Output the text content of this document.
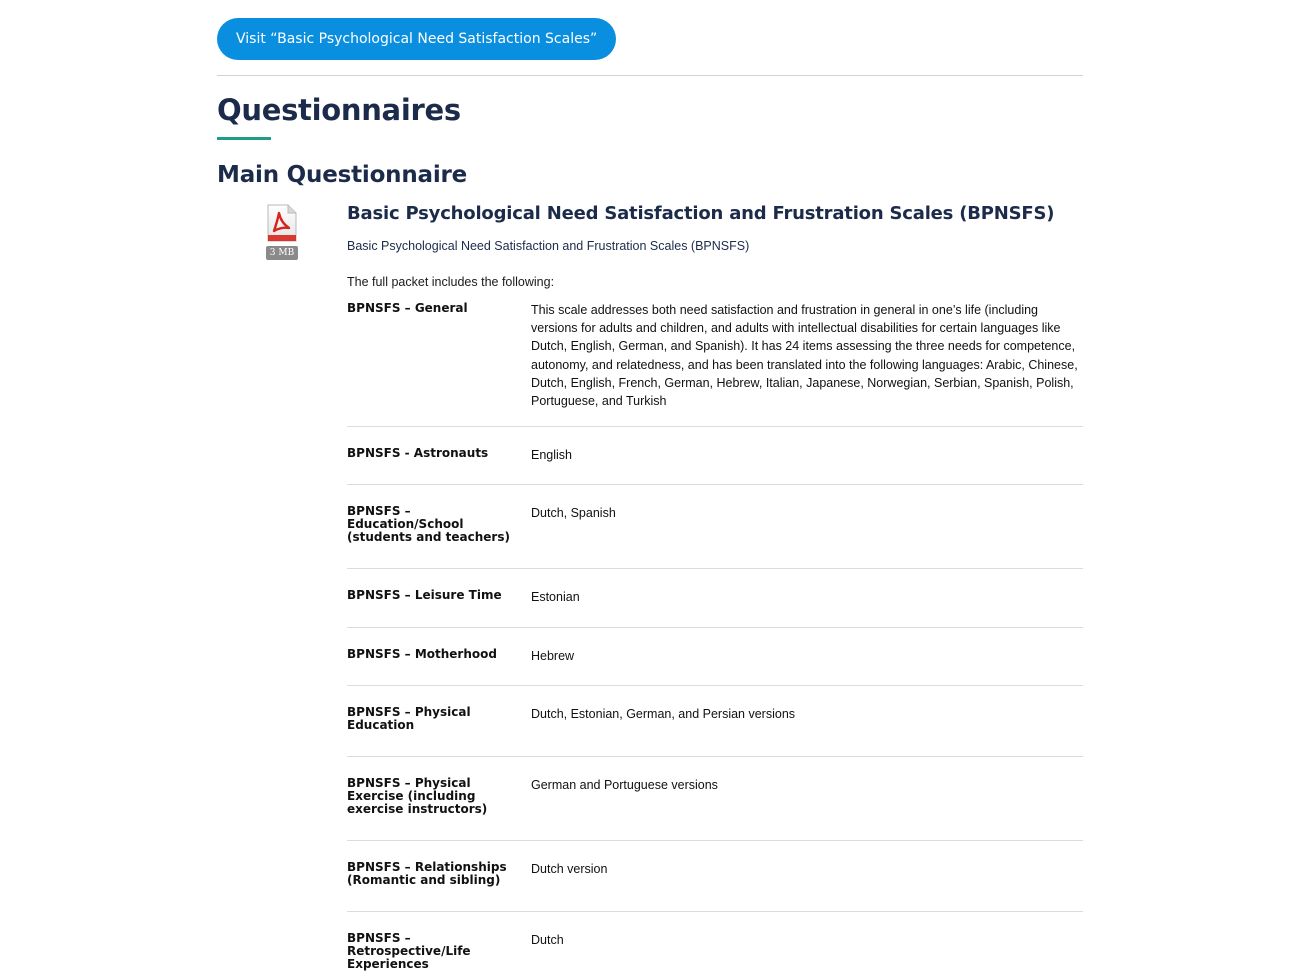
Visit “Basic Psychological Need Satisfaction Scales”
Questionnaires
Main Questionnaire
3 MB
Basic Psychological Need Satisfaction and Frustration Scales (BPNSFS)
Basic Psychological Need Satisfaction and Frustration Scales (BPNSFS)

The full packet includes the following:

BPNSFS – General	This scale addresses both need satisfaction and frustration in general in one’s life (including versions for adults and children, and adults with intellectual disabilities for certain languages like Dutch, English, German, and Spanish). It has 24 items assessing the three needs for competence, autonomy, and relatedness, and has been translated into the following languages: Arabic, Chinese, Dutch, English, French, German, Hebrew, Italian, Japanese, Norwegian, Serbian, Spanish, Polish, Portuguese, and Turkish
BPNSFS - Astronauts	English
BPNSFS – Education/School (students and teachers)	Dutch, Spanish
BPNSFS – Leisure Time	Estonian
BPNSFS – Motherhood	Hebrew
BPNSFS – Physical Education	Dutch, Estonian, German, and Persian versions
BPNSFS – Physical Exercise (including exercise instructors)	German and Portuguese versions
BPNSFS – Relationships (Romantic and sibling)	Dutch version
BPNSFS – Retrospective/Life Experiences	Dutch
